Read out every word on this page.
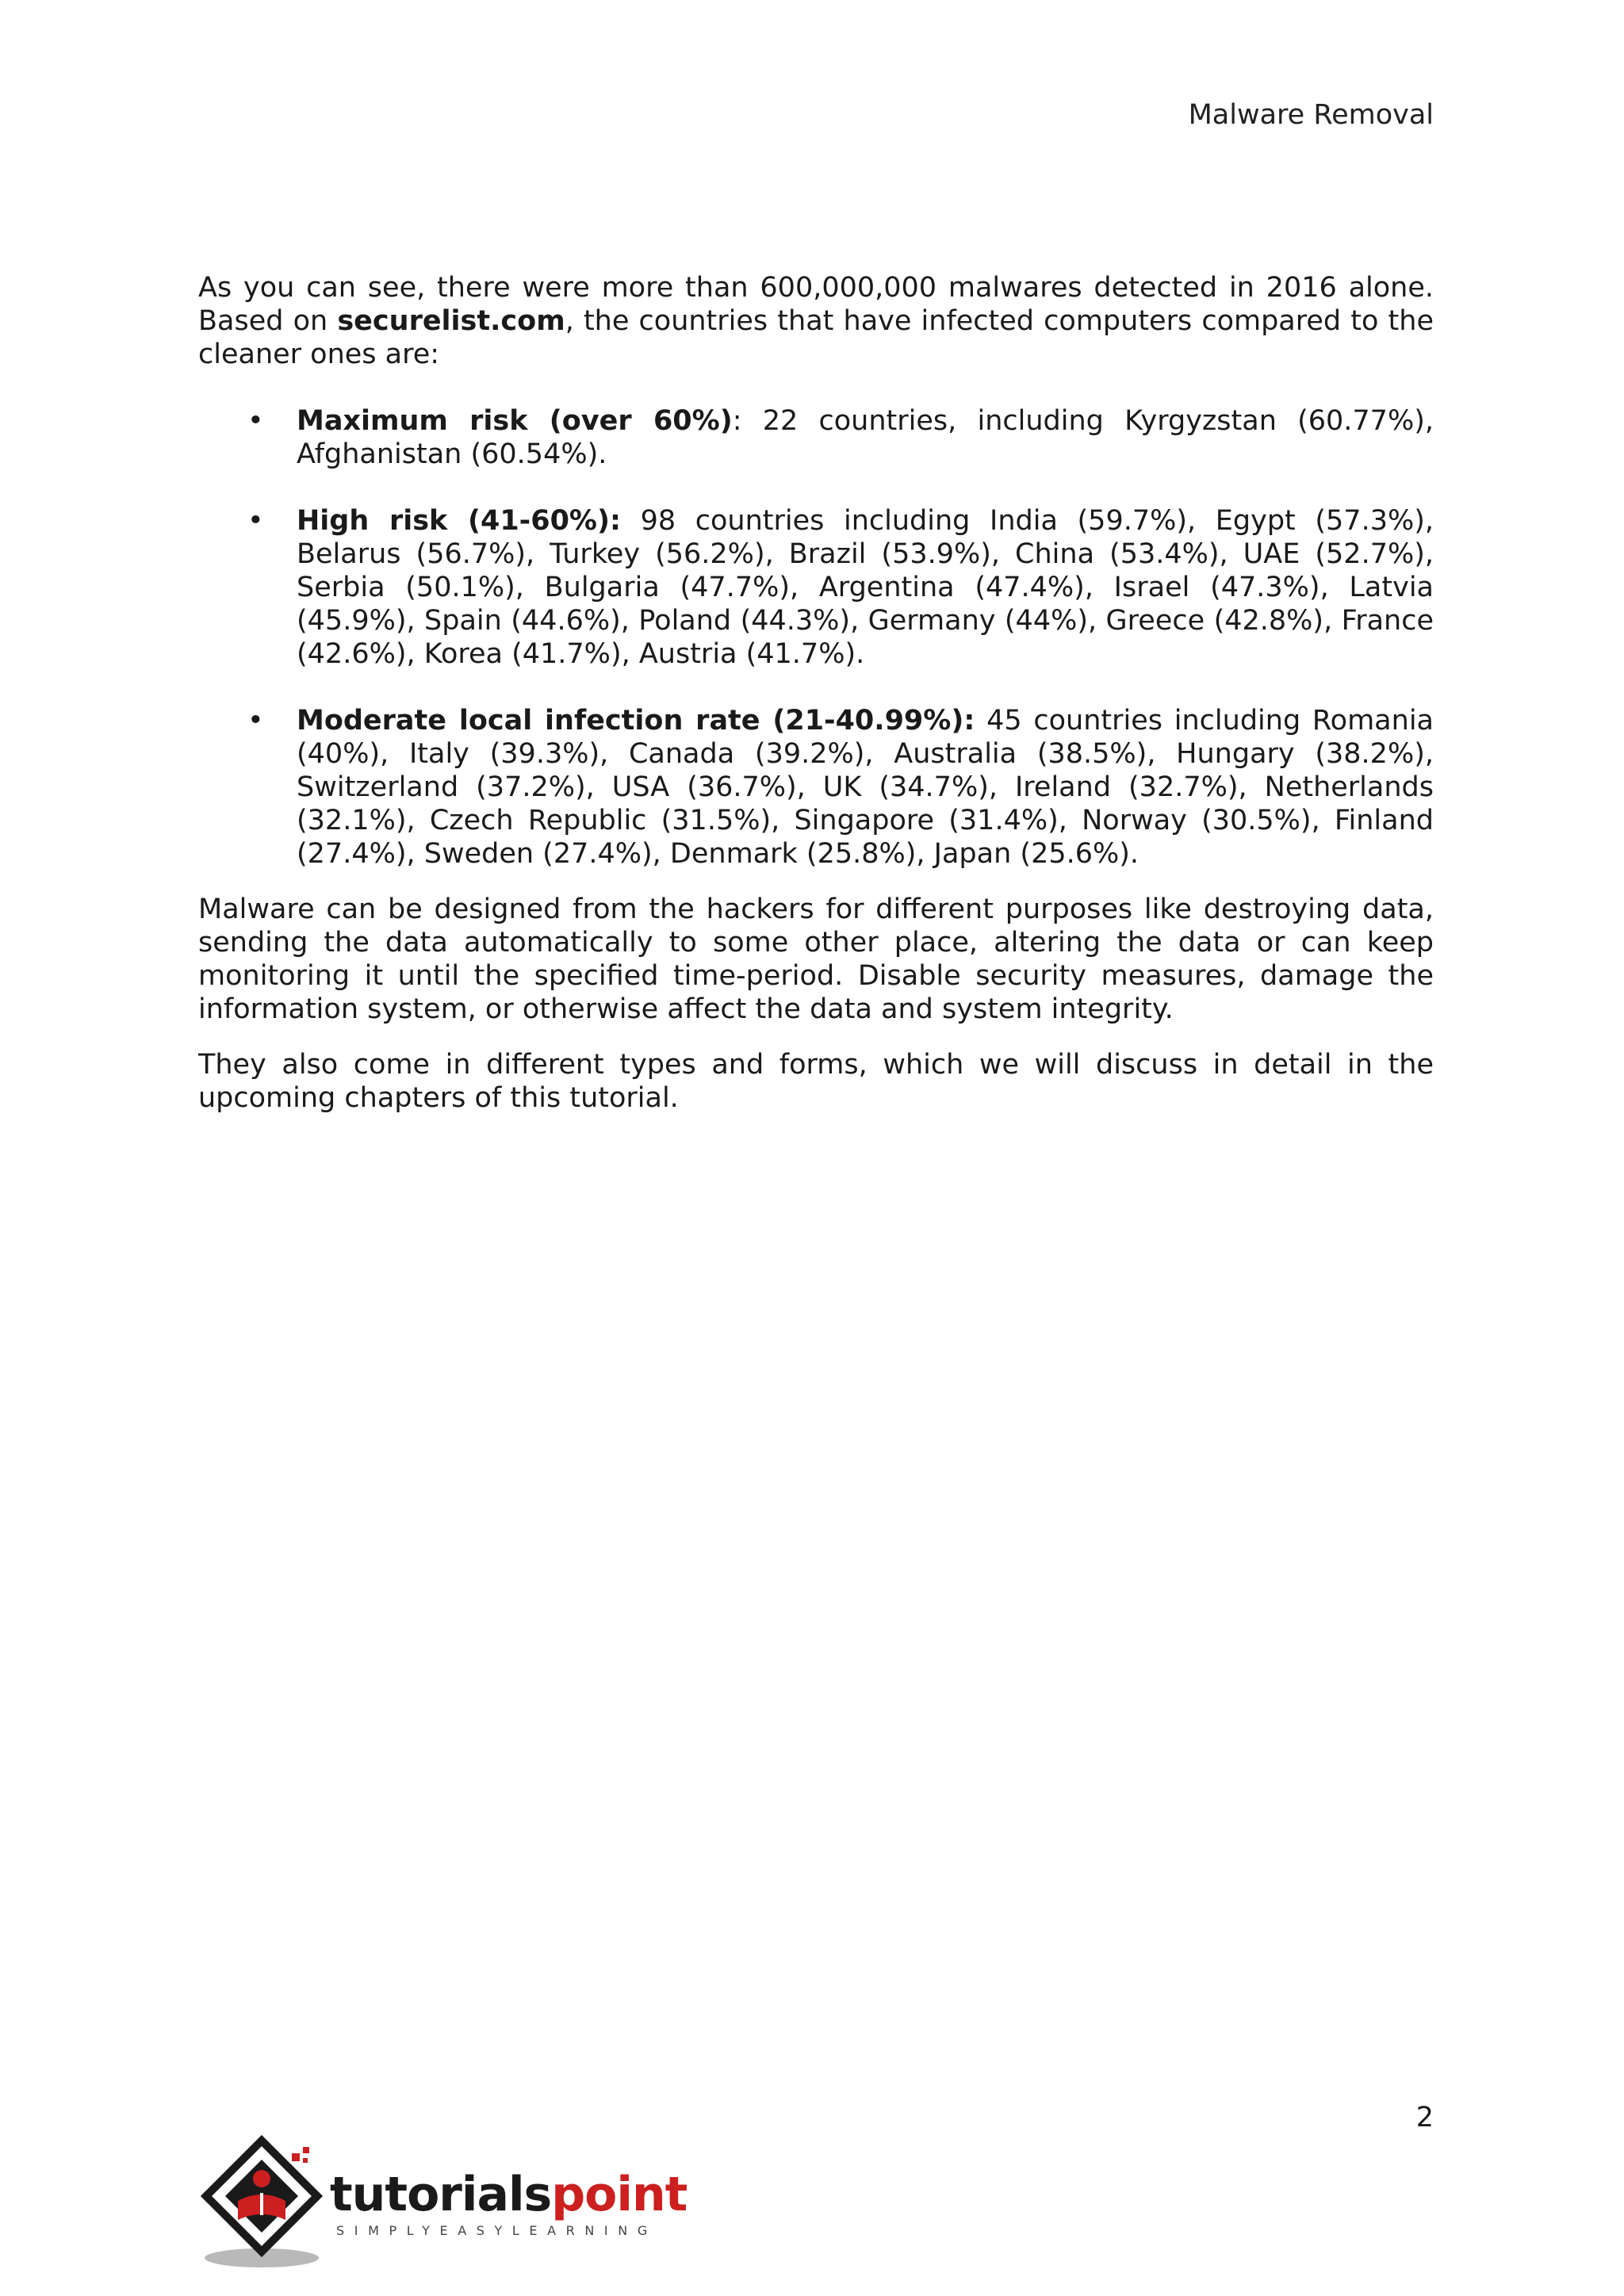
Malware Removal

As you can see, there were more than 600,000,000 malwares detected in 2016 alone. Based on securelist.com, the countries that have infected computers compared to the cleaner ones are:

• Maximum risk (over 60%): 22 countries, including Kyrgyzstan (60.77%), Afghanistan (60.54%).
• High risk (41-60%): 98 countries including India (59.7%), Egypt (57.3%), Belarus (56.7%), Turkey (56.2%), Brazil (53.9%), China (53.4%), UAE (52.7%), Serbia (50.1%), Bulgaria (47.7%), Argentina (47.4%), Israel (47.3%), Latvia (45.9%), Spain (44.6%), Poland (44.3%), Germany (44%), Greece (42.8%), France (42.6%), Korea (41.7%), Austria (41.7%).
• Moderate local infection rate (21-40.99%): 45 countries including Romania (40%), Italy (39.3%), Canada (39.2%), Australia (38.5%), Hungary (38.2%), Switzerland (37.2%), USA (36.7%), UK (34.7%), Ireland (32.7%), Netherlands (32.1%), Czech Republic (31.5%), Singapore (31.4%), Norway (30.5%), Finland (27.4%), Sweden (27.4%), Denmark (25.8%), Japan (25.6%).

Malware can be designed from the hackers for different purposes like destroying data, sending the data automatically to some other place, altering the data or can keep monitoring it until the specified time-period. Disable security measures, damage the information system, or otherwise affect the data and system integrity.

They also come in different types and forms, which we will discuss in detail in the upcoming chapters of this tutorial.

2
tutorialspoint
SIMPLYEASYLEARNING
